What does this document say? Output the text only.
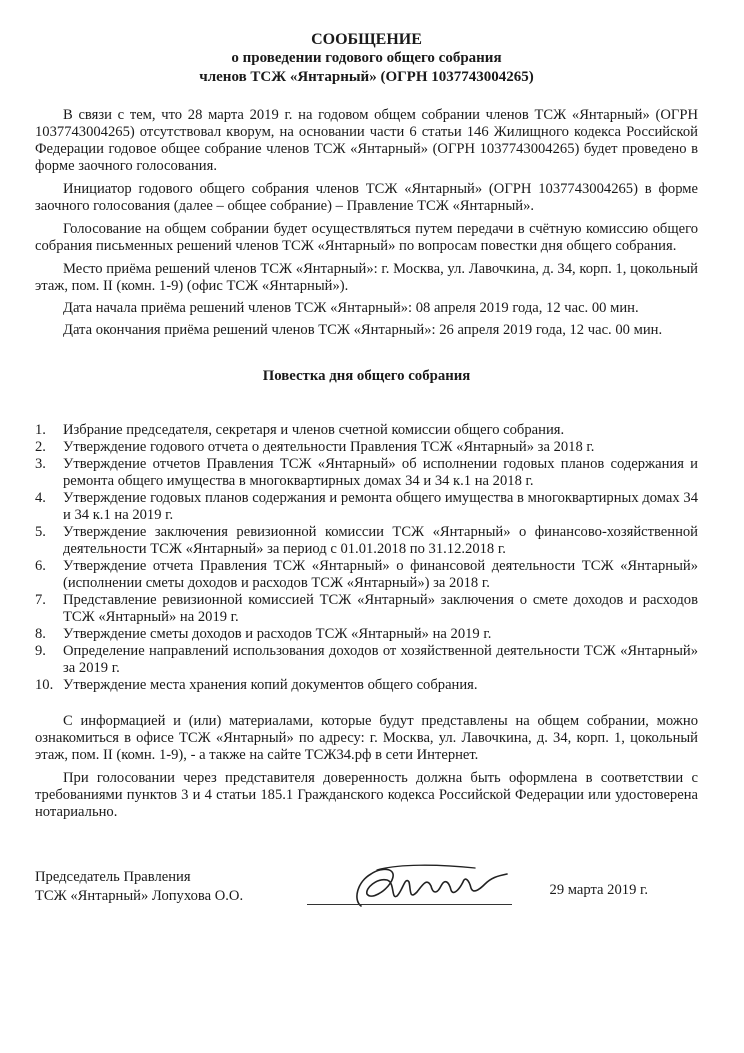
СООБЩЕНИЕ
о проведении годового общего собрания
членов ТСЖ «Янтарный» (ОГРН 1037743004265)

В связи с тем, что 28 марта 2019 г. на годовом общем собрании членов ТСЖ «Янтарный» (ОГРН 1037743004265) отсутствовал кворум, на основании части 6 статьи 146 Жилищного кодекса Российской Федерации годовое общее собрание членов ТСЖ «Янтарный» (ОГРН 1037743004265) будет проведено в форме заочного голосования.

Инициатор годового общего собрания членов ТСЖ «Янтарный» (ОГРН 1037743004265) в форме заочного голосования (далее – общее собрание) – Правление ТСЖ «Янтарный».

Голосование на общем собрании будет осуществляться путем передачи в счётную комиссию общего собрания письменных решений членов ТСЖ «Янтарный» по вопросам повестки дня общего собрания.

Место приёма решений членов ТСЖ «Янтарный»: г. Москва, ул. Лавочкина, д. 34, корп. 1, цокольный этаж, пом. II (комн. 1-9) (офис ТСЖ «Янтарный»).

Дата начала приёма решений членов ТСЖ «Янтарный»: 08 апреля 2019 года, 12 час. 00 мин.

Дата окончания приёма решений членов ТСЖ «Янтарный»: 26 апреля 2019 года, 12 час. 00 мин.

Повестка дня общего собрания
1.	Избрание председателя, секретаря и членов счетной комиссии общего собрания.
2.	Утверждение годового отчета о деятельности Правления ТСЖ «Янтарный» за 2018 г.
3.	Утверждение отчетов Правления ТСЖ «Янтарный» об исполнении годовых планов содержания и ремонта общего имущества в многоквартирных домах 34 и 34 к.1 на 2018 г.
4.	Утверждение годовых планов содержания и ремонта общего имущества в многоквартирных домах 34 и 34 к.1 на 2019 г.
5.	Утверждение заключения ревизионной комиссии ТСЖ «Янтарный» о финансово-хозяйственной деятельности ТСЖ «Янтарный» за период с 01.01.2018 по 31.12.2018 г.
6.	Утверждение отчета Правления ТСЖ «Янтарный» о финансовой деятельности ТСЖ «Янтарный» (исполнении сметы доходов и расходов ТСЖ «Янтарный») за 2018 г.
7.	Представление ревизионной комиссией ТСЖ «Янтарный» заключения о смете доходов и расходов ТСЖ «Янтарный» на 2019 г.
8.	Утверждение сметы доходов и расходов ТСЖ «Янтарный» на 2019 г.
9.	Определение направлений использования доходов от хозяйственной деятельности ТСЖ «Янтарный» за 2019 г.
10. Утверждение места хранения копий документов общего собрания.

С информацией и (или) материалами, которые будут представлены на общем собрании, можно ознакомиться в офисе ТСЖ «Янтарный» по адресу: г. Москва, ул. Лавочкина, д. 34, корп. 1, цокольный этаж, пом. II (комн. 1-9), - а также на сайте ТСЖ34.рф в сети Интернет.

При голосовании через представителя доверенность должна быть оформлена в соответствии с требованиями пунктов 3 и 4 статьи 185.1 Гражданского кодекса Российской Федерации или удостоверена нотариально.

Председатель Правления
ТСЖ «Янтарный» Лопухова О.О.	29 марта 2019 г.
